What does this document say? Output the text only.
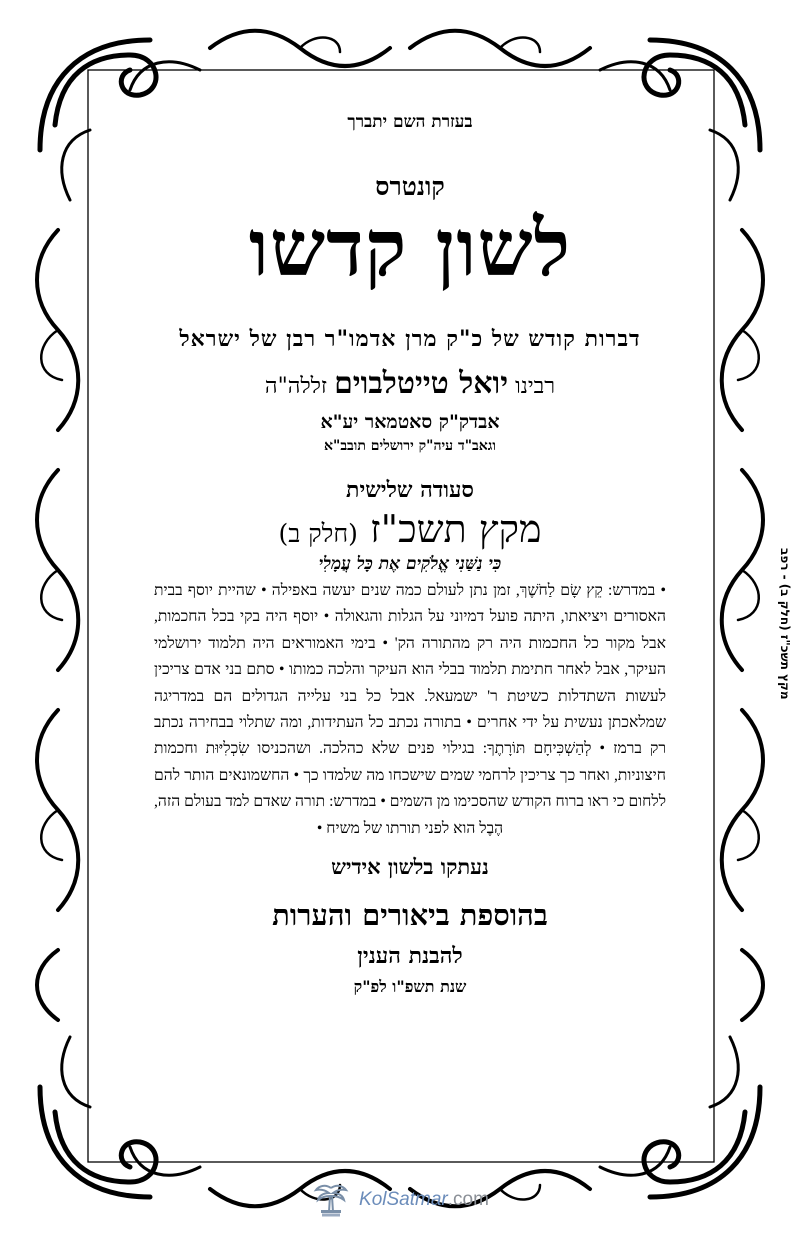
בעזרת השם יתברך
קונטרס
לשון קדשו
דברות קודש של כ"ק מרן אדמו"ר רבן של ישראל
רבינו יואל טייטלבוים זללה"ה
אבדק"ק סאטמאר יע"א
וגאב"ד עיה"ק ירושלים תובב"א
סעודה שלישית
מקץ תשכ"ז (חלק ב)
כִּי נַשַּׁנִי אֱלֹקִים אֶת כָּל עֲמָלִי
• במדרש: קֵץ שָׂם לַחֹשֶׁךְ, זמן נתן לעולם כמה שנים יעשה באפילה • שהיית יוסף בבית האסורים ויציאתו, היתה פועל דמיוני על הגלות והגאולה • יוסף היה בקי בכל החכמות, אבל מקור כל החכמות היה רק מהתורה הק' • בימי האמוראים היה תלמוד ירושלמי העיקר, אבל לאחר חתימת תלמוד בבלי הוא העיקר והלכה כמותו • סתם בני אדם צריכין לעשות השתדלות כשיטת ר' ישמעאל. אבל כל בני עלייה הגדולים הם במדריגה שמלאכתן נעשית על ידי אחרים • בתורה נכתב כל העתידות, ומה שתלוי בבחירה נכתב רק ברמז • לְהַשְׁכִּיחָם תּוֹרָתֶךָ: בגילוי פנים שלא כהלכה. ושהכניסו שִׂכְלִיּוּת וחכמות חיצוניות, ואחר כך צריכין לרחמי שמים שישכחו מה שלמדו כך • החשמונאים הותר להם ללחום כי ראו ברוח הקודש שהסכימו מן השמים • במדרש: תורה שאדם למד בעולם הזה, הֶבֶל הוא לפני תורתו של משיח •
נעתקו בלשון אידיש
בהוספת ביאורים והערות
להבנת הענין
שנת תשפ"ו לפ"ק
מקץ תשכ"ז (חלק ב) - רפב
KolSatmar.com
